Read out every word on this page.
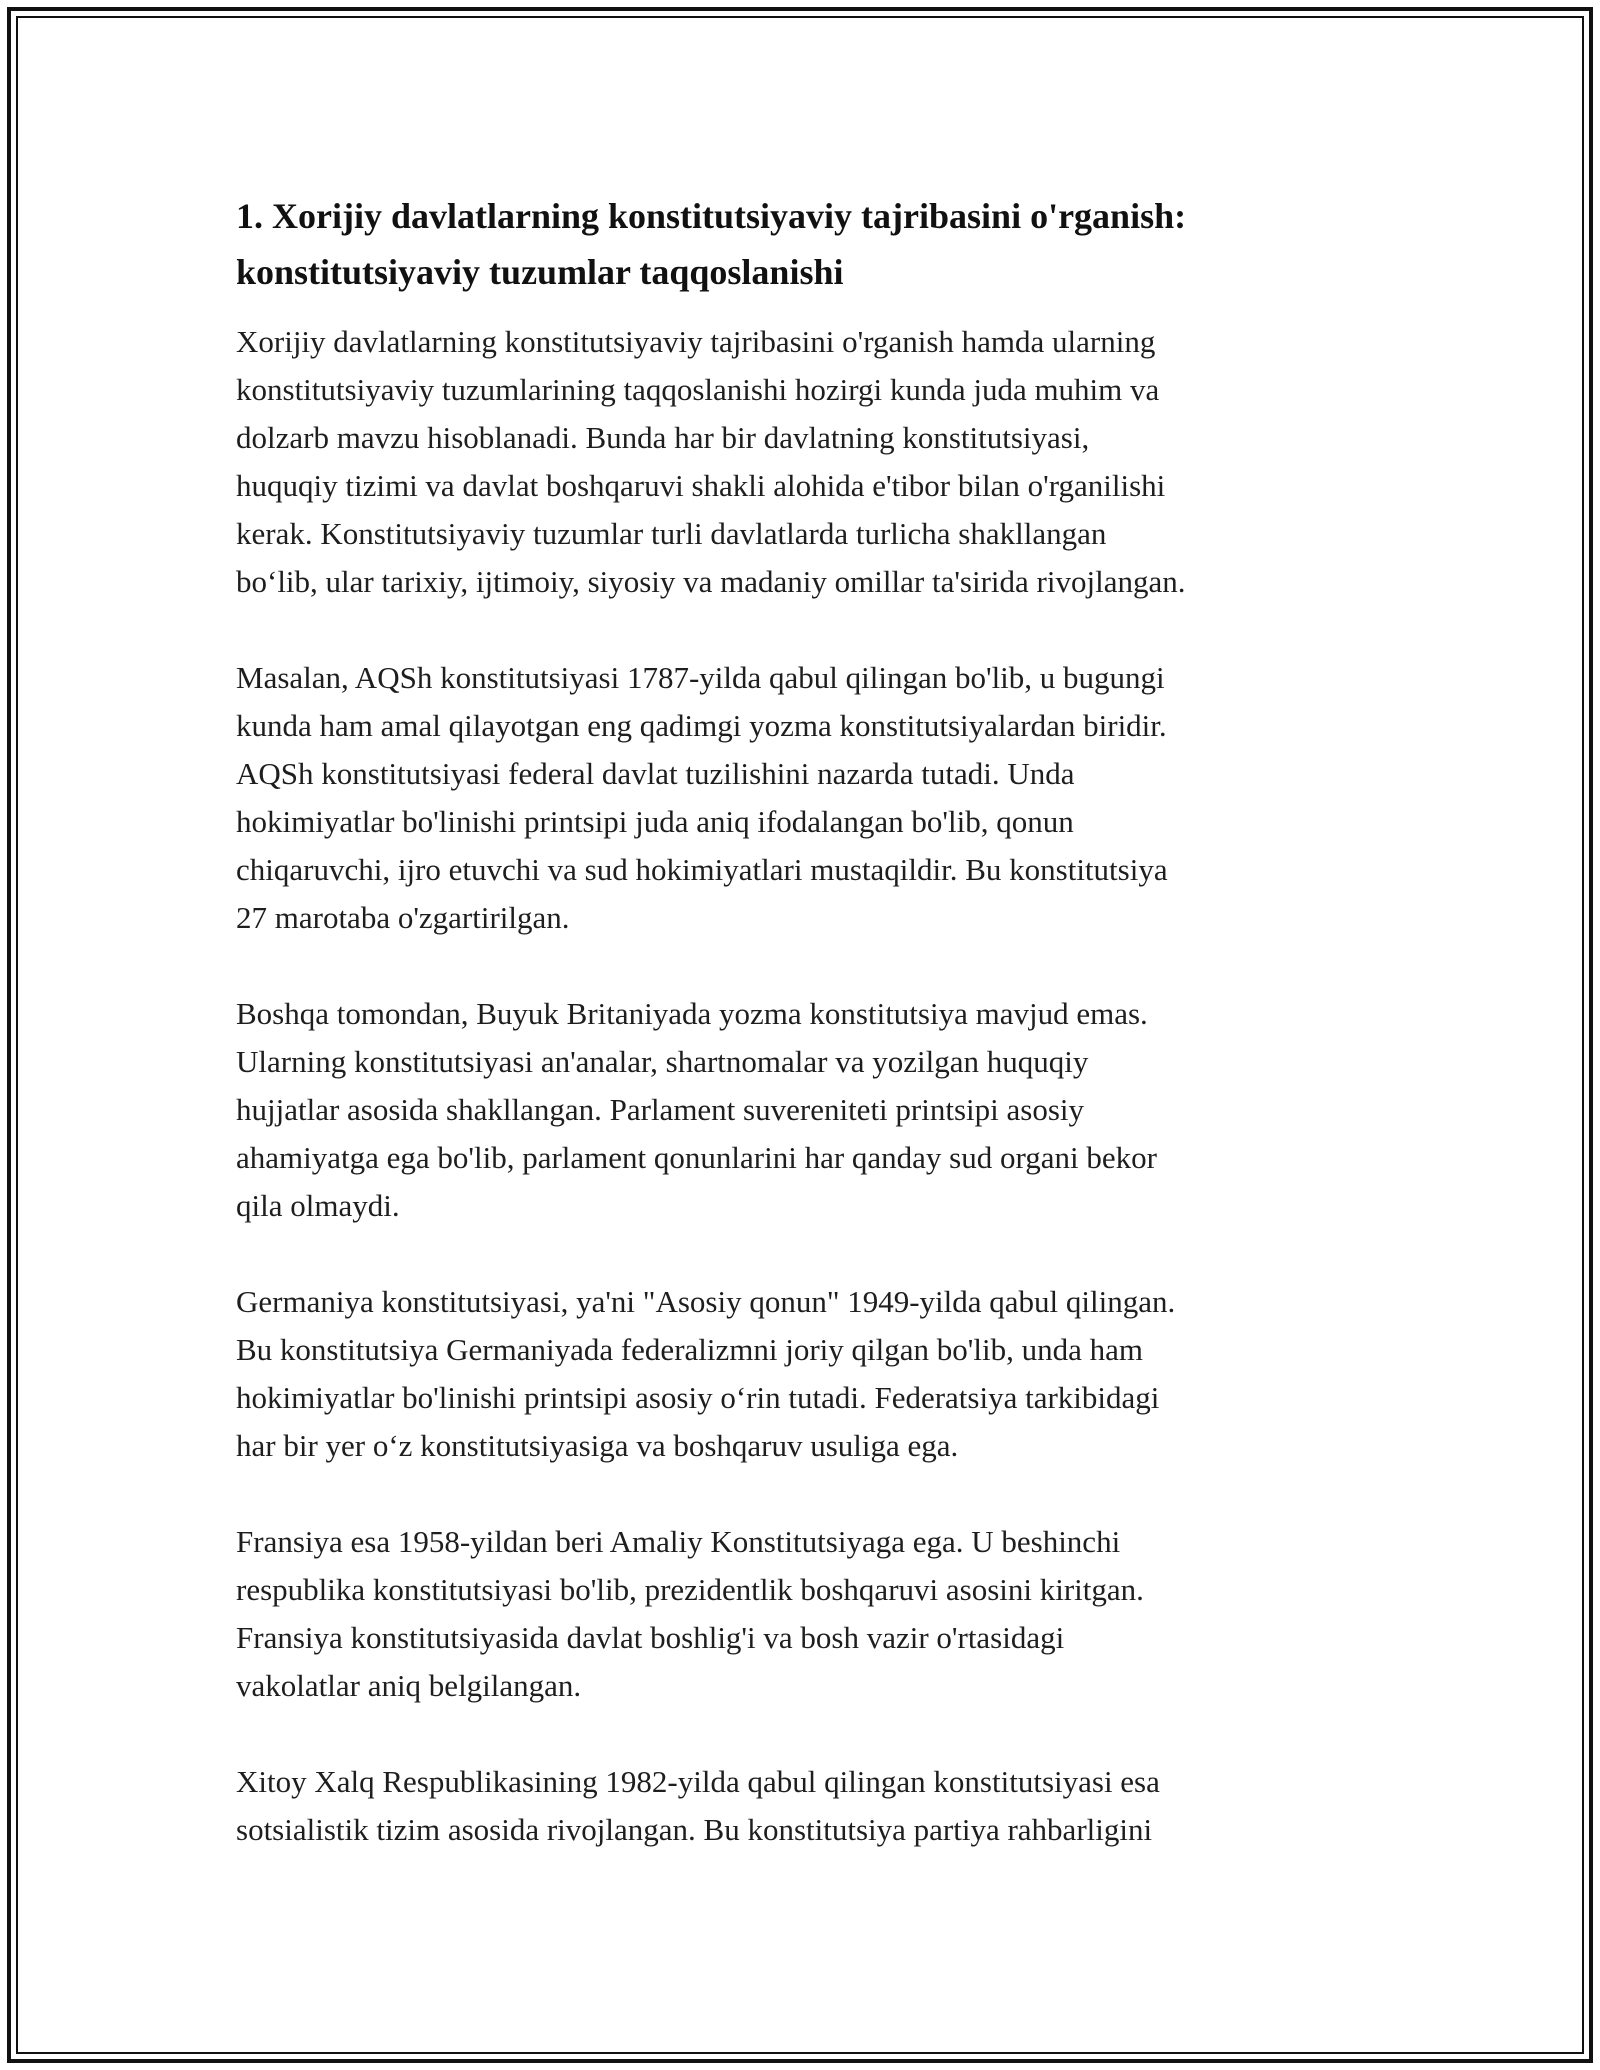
1. Xorijiy davlatlarning konstitutsiyaviy tajribasini o'rganish:
konstitutsiyaviy tuzumlar taqqoslanishi

Xorijiy davlatlarning konstitutsiyaviy tajribasini o'rganish hamda ularning
konstitutsiyaviy tuzumlarining taqqoslanishi hozirgi kunda juda muhim va
dolzarb mavzu hisoblanadi. Bunda har bir davlatning konstitutsiyasi,
huquqiy tizimi va davlat boshqaruvi shakli alohida e'tibor bilan o'rganilishi
kerak. Konstitutsiyaviy tuzumlar turli davlatlarda turlicha shakllangan
bo‘lib, ular tarixiy, ijtimoiy, siyosiy va madaniy omillar ta'sirida rivojlangan.

Masalan, AQSh konstitutsiyasi 1787-yilda qabul qilingan bo'lib, u bugungi
kunda ham amal qilayotgan eng qadimgi yozma konstitutsiyalardan biridir.
AQSh konstitutsiyasi federal davlat tuzilishini nazarda tutadi. Unda
hokimiyatlar bo'linishi printsipi juda aniq ifodalangan bo'lib, qonun
chiqaruvchi, ijro etuvchi va sud hokimiyatlari mustaqildir. Bu konstitutsiya
27 marotaba o'zgartirilgan.

Boshqa tomondan, Buyuk Britaniyada yozma konstitutsiya mavjud emas.
Ularning konstitutsiyasi an'analar, shartnomalar va yozilgan huquqiy
hujjatlar asosida shakllangan. Parlament suvereniteti printsipi asosiy
ahamiyatga ega bo'lib, parlament qonunlarini har qanday sud organi bekor
qila olmaydi.

Germaniya konstitutsiyasi, ya'ni "Asosiy qonun" 1949-yilda qabul qilingan.
Bu konstitutsiya Germaniyada federalizmni joriy qilgan bo'lib, unda ham
hokimiyatlar bo'linishi printsipi asosiy o‘rin tutadi. Federatsiya tarkibidagi
har bir yer o‘z konstitutsiyasiga va boshqaruv usuliga ega.

Fransiya esa 1958-yildan beri Amaliy Konstitutsiyaga ega. U beshinchi
respublika konstitutsiyasi bo'lib, prezidentlik boshqaruvi asosini kiritgan.
Fransiya konstitutsiyasida davlat boshlig'i va bosh vazir o'rtasidagi
vakolatlar aniq belgilangan.

Xitoy Xalq Respublikasining 1982-yilda qabul qilingan konstitutsiyasi esa
sotsialistik tizim asosida rivojlangan. Bu konstitutsiya partiya rahbarligini
